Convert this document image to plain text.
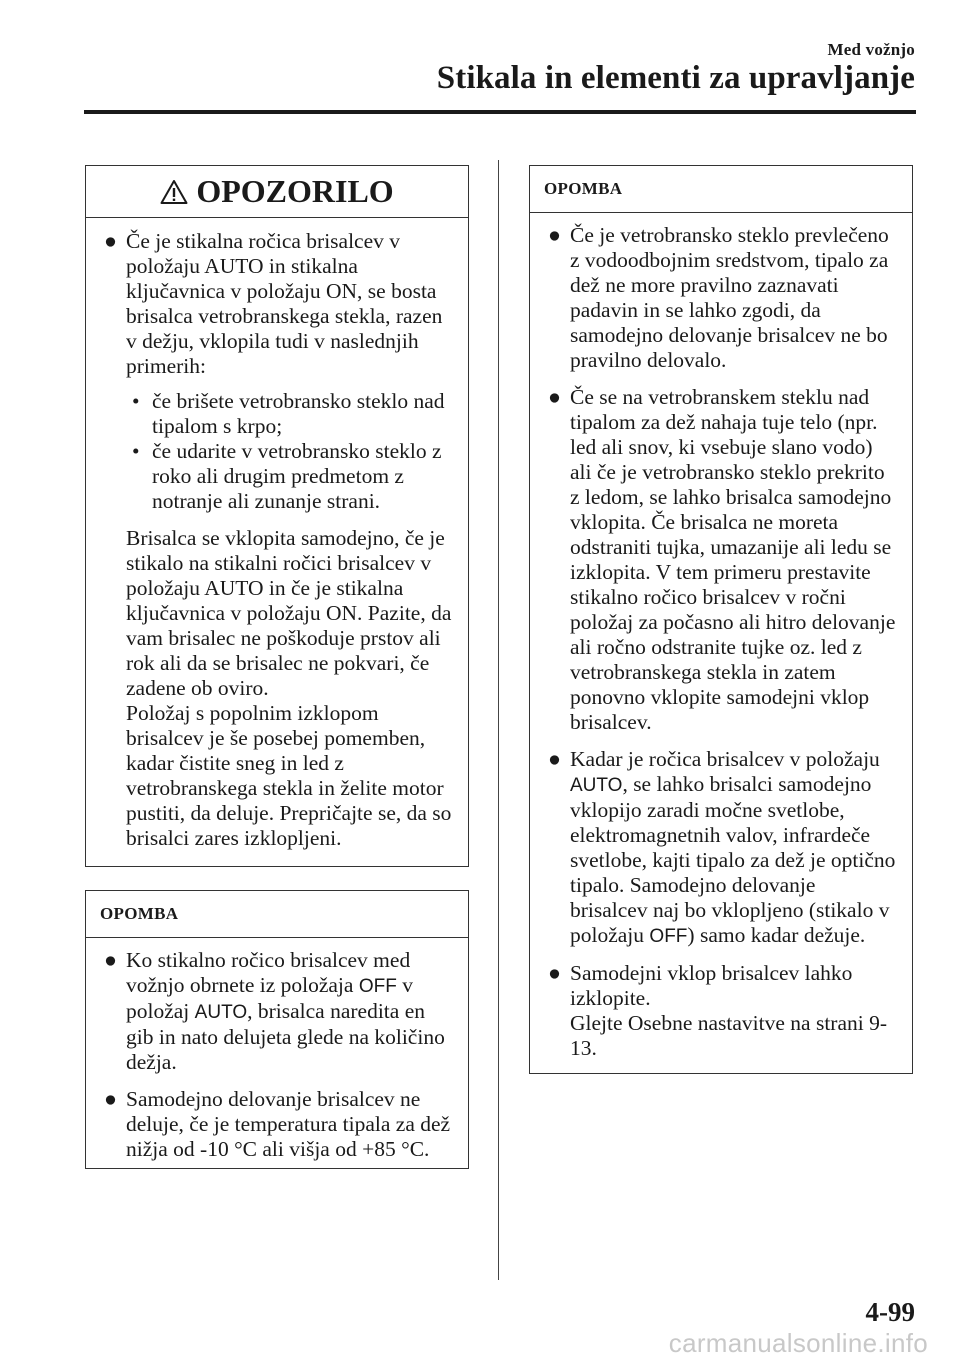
Med vožnjo
Stikala in elementi za upravljanje
OPOZORILO
● Če je stikalna ročica brisalcev v položaju AUTO in stikalna ključavnica v položaju ON, se bosta brisalca vetrobranskega stekla, razen v dežju, vklopila tudi v naslednjih primerih:
• če brišete vetrobransko steklo nad tipalom s krpo;
• če udarite v vetrobransko steklo z roko ali drugim predmetom z notranje ali zunanje strani.
Brisalca se vklopita samodejno, če je stikalo na stikalni ročici brisalcev v položaju AUTO in če je stikalna ključavnica v položaju ON. Pazite, da vam brisalec ne poškoduje prstov ali rok ali da se brisalec ne pokvari, če zadene ob oviro.
Položaj s popolnim izklopom brisalcev je še posebej pomemben, kadar čistite sneg in led z vetrobranskega stekla in želite motor pustiti, da deluje. Prepričajte se, da so brisalci zares izklopljeni.
OPOMBA
● Ko stikalno ročico brisalcev med vožnjo obrnete iz položaja OFF v položaj AUTO, brisalca naredita en gib in nato delujeta glede na količino dežja.
● Samodejno delovanje brisalcev ne deluje, če je temperatura tipala za dež nižja od -10 °C ali višja od +85 °C.
OPOMBA
● Če je vetrobransko steklo prevlečeno z vodoodbojnim sredstvom, tipalo za dež ne more pravilno zaznavati padavin in se lahko zgodi, da samodejno delovanje brisalcev ne bo pravilno delovalo.
● Če se na vetrobranskem steklu nad tipalom za dež nahaja tuje telo (npr. led ali snov, ki vsebuje slano vodo) ali če je vetrobransko steklo prekrito z ledom, se lahko brisalca samodejno vklopita. Če brisalca ne moreta odstraniti tujka, umazanije ali ledu se izklopita. V tem primeru prestavite stikalno ročico brisalcev v ročni položaj za počasno ali hitro delovanje ali ročno odstranite tujke oz. led z vetrobranskega stekla in zatem ponovno vklopite samodejni vklop brisalcev.
● Kadar je ročica brisalcev v položaju AUTO, se lahko brisalci samodejno vklopijo zaradi močne svetlobe, elektromagnetnih valov, infrardeče svetlobe, kajti tipalo za dež je optično tipalo. Samodejno delovanje brisalcev naj bo vklopljeno (stikalo v položaju OFF) samo kadar dežuje.
● Samodejni vklop brisalcev lahko izklopite.
Glejte Osebne nastavitve na strani 9-13.
4-99
carmanualsonline.info
